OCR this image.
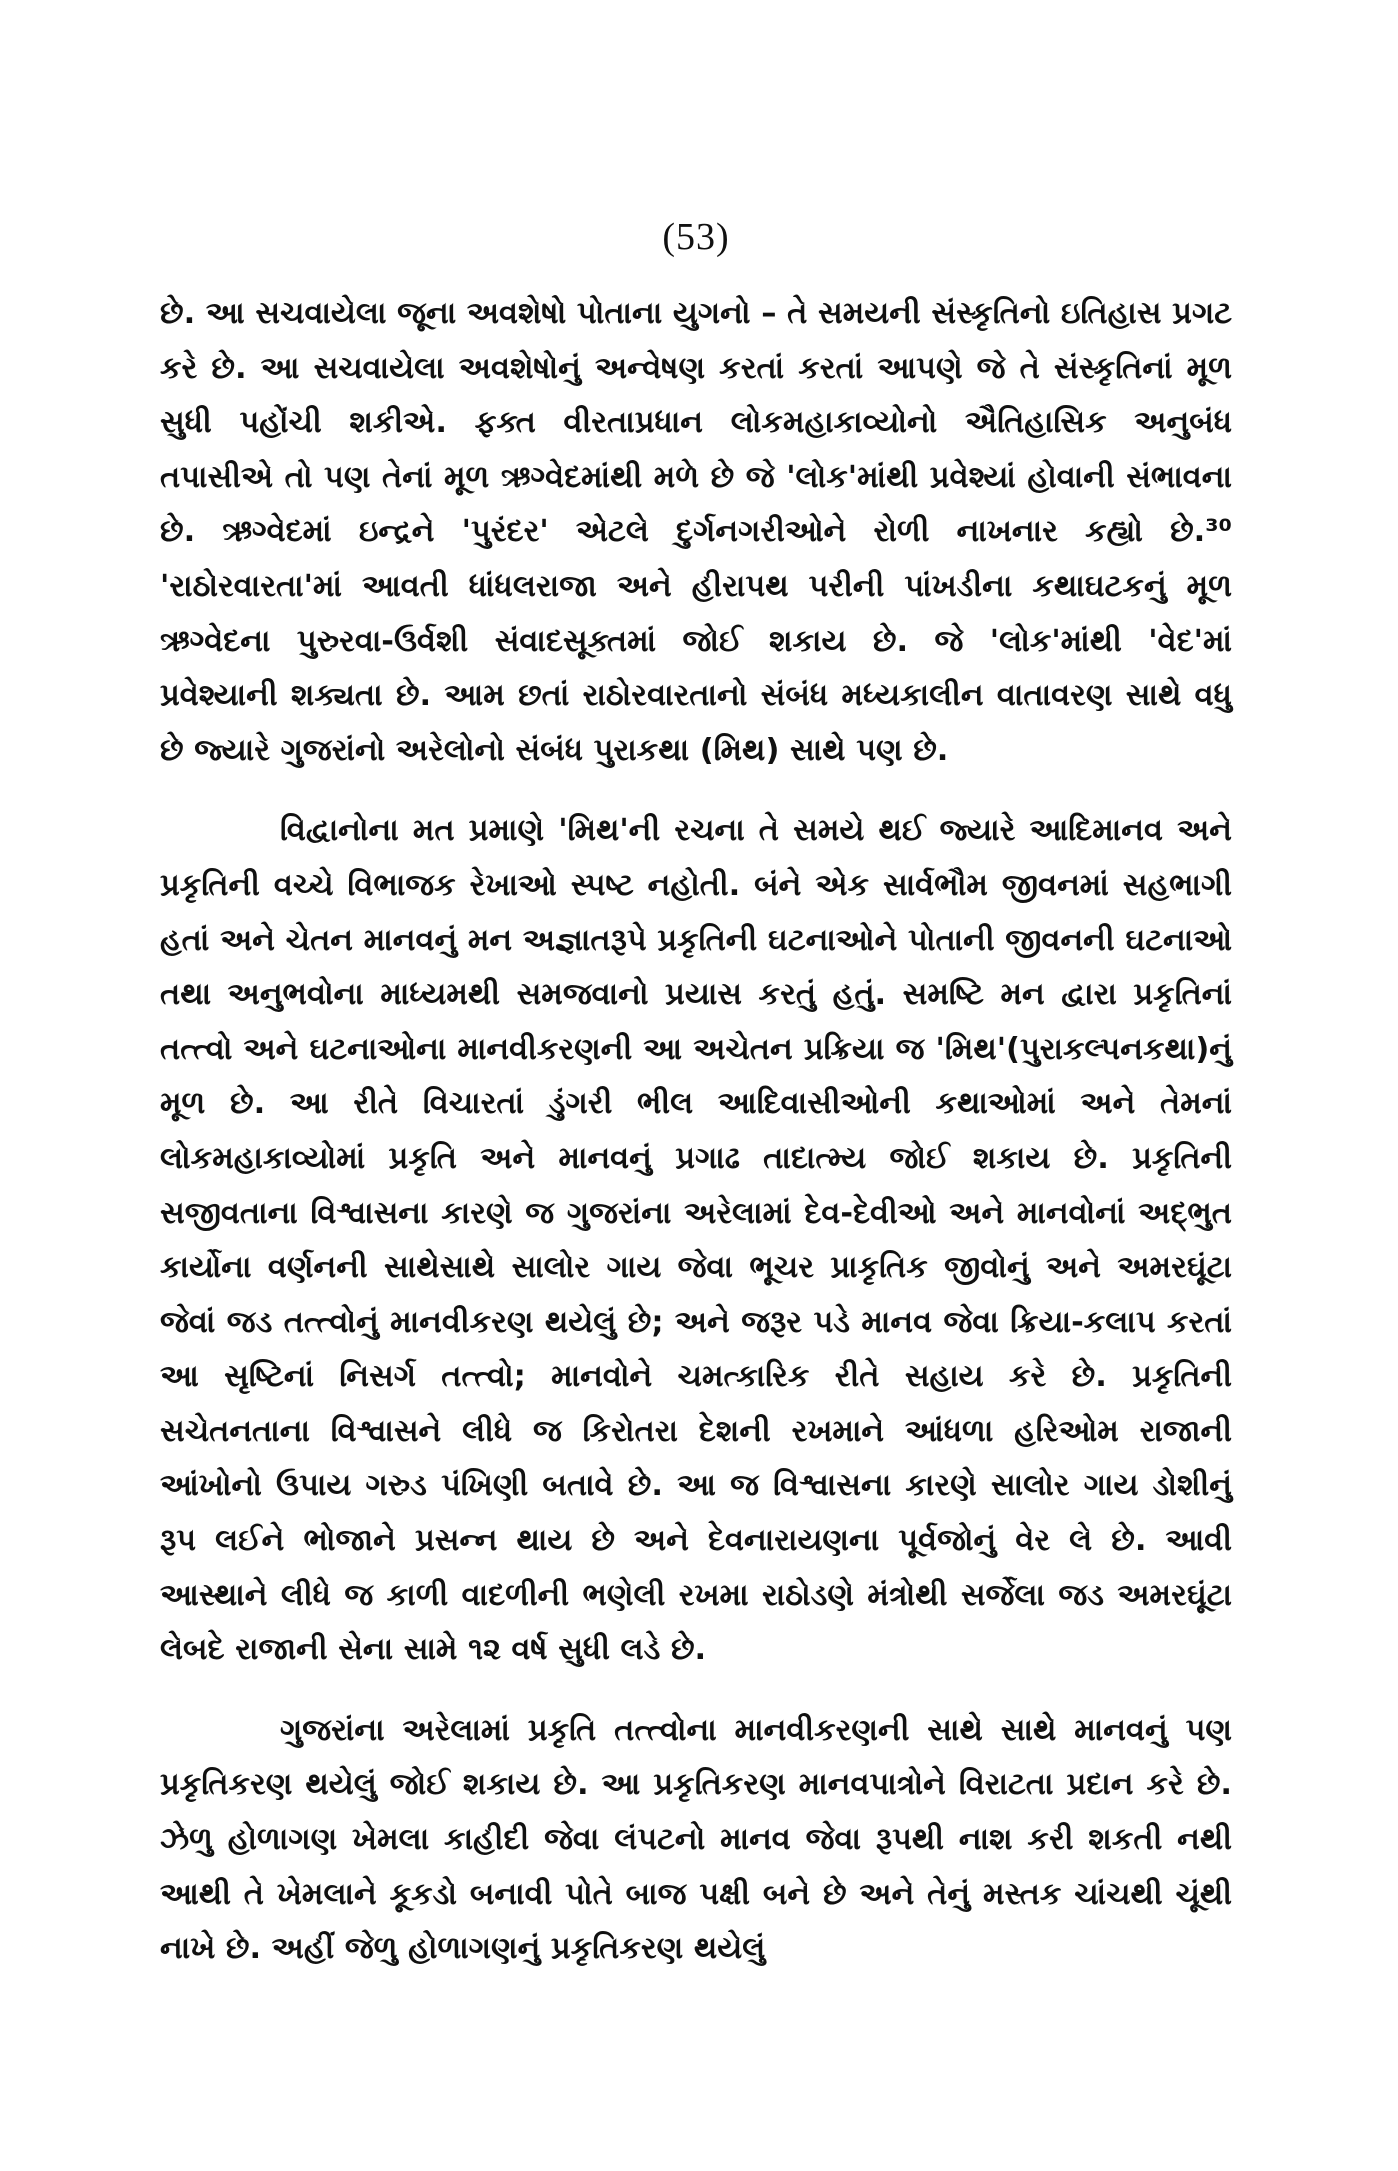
(53)

છે. આ સચવાયેલા જૂના અવશેષો પોતાના યુગનો – તે સમયની સંસ્કૃતિનો ઇતિહાસ પ્રગટ કરે છે. આ સચવાયેલા અવશેષોનું અન્વેષણ કરતાં કરતાં આપણે જે તે સંસ્કૃતિનાં મૂળ સુધી પહોંચી શકીએ. ફક્ત વીરતાપ્રધાન લોકમહાકાવ્યોનો ઐતિહાસિક અનુબંધ તપાસીએ તો પણ તેનાં મૂળ ઋગ્વેદમાંથી મળે છે જે 'લોક'માંથી પ્રવેશ્યાં હોવાની સંભાવના છે. ઋગ્વેદમાં ઇન્દ્રને 'પુરંદર' એટલે દુર્ગનગરીઓને રોળી નાખનાર કહ્યો છે.³⁰ 'રાઠોરવારતા'માં આવતી ધાંધલરાજા અને હીરાપથ પરીની પાંખડીના કથાઘટકનું મૂળ ઋગ્વેદના પુરુરવા-ઉર્વશી સંવાદસૂક્તમાં જોઈ શકાય છે. જે 'લોક'માંથી 'વેદ'માં પ્રવેશ્યાની શક્યતા છે. આમ છતાં રાઠોરવારતાનો સંબંધ મધ્યકાલીન વાતાવરણ સાથે વધુ છે જ્યારે ગુજરાંનો અરેલોનો સંબંધ પુરાકથા (મિથ) સાથે પણ છે.

વિદ્વાનોના મત પ્રમાણે 'મિથ'ની રચના તે સમયે થઈ જ્યારે આદિમાનવ અને પ્રકૃતિની વચ્ચે વિભાજક રેખાઓ સ્પષ્ટ નહોતી. બંને એક સાર્વભૌમ જીવનમાં સહભાગી હતાં અને ચેતન માનવનું મન અજ્ઞાતરૂપે પ્રકૃતિની ઘટનાઓને પોતાની જીવનની ઘટનાઓ તથા અનુભવોના માધ્યમથી સમજવાનો પ્રયાસ કરતું હતું. સમષ્ટિ મન દ્વારા પ્રકૃતિનાં તત્ત્વો અને ઘટનાઓના માનવીકરણની આ અચેતન પ્રક્રિયા જ 'મિથ'(પુરાકલ્પનકથા)નું મૂળ છે. આ રીતે વિચારતાં ડુંગરી ભીલ આદિવાસીઓની કથાઓમાં અને તેમનાં લોકમહાકાવ્યોમાં પ્રકૃતિ અને માનવનું પ્રગાઢ તાદાત્મ્ય જોઈ શકાય છે. પ્રકૃતિની સજીવતાના વિશ્વાસના કારણે જ ગુજરાંના અરેલામાં દેવ-દેવીઓ અને માનવોનાં અદ્ભુત કાર્યોના વર્ણનની સાથેસાથે સાલોર ગાય જેવા ભૂચર પ્રાકૃતિક જીવોનું અને અમરઘૂંટા જેવાં જડ તત્ત્વોનું માનવીકરણ થયેલું છે; અને જરૂર પડે માનવ જેવા ક્રિયા-કલાપ કરતાં આ સૃષ્ટિનાં નિસર્ગ તત્ત્વો; માનવોને ચમત્કારિક રીતે સહાય કરે છે. પ્રકૃતિની સચેતનતાના વિશ્વાસને લીધે જ કિરોતરા દેશની રખમાને આંધળા હરિઓમ રાજાની આંખોનો ઉપાય ગરુડ પંખિણી બતાવે છે. આ જ વિશ્વાસના કારણે સાલોર ગાય ડોશીનું રૂપ લઈને ભોજાને પ્રસન્ન થાય છે અને દેવનારાયણના પૂર્વજોનું વેર લે છે. આવી આસ્થાને લીધે જ કાળી વાદળીની ભણેલી રખમા રાઠોડણે મંત્રોથી સર્જેલા જડ અમરઘૂંટા લેબદે રાજાની સેના સામે ૧૨ વર્ષ સુધી લડે છે.

ગુજરાંના અરેલામાં પ્રકૃતિ તત્ત્વોના માનવીકરણની સાથે સાથે માનવનું પણ પ્રકૃતિકરણ થયેલું જોઈ શકાય છે. આ પ્રકૃતિકરણ માનવપાત્રોને વિરાટતા પ્રદાન કરે છે. ઝેળુ હોળાગણ ખેમલા કાહીદી જેવા લંપટનો માનવ જેવા રૂપથી નાશ કરી શકતી નથી આથી તે ખેમલાને કૂકડો બનાવી પોતે બાજ પક્ષી બને છે અને તેનું મસ્તક ચાંચથી ચૂંથી નાખે છે. અહીં જેળુ હોળાગણનું પ્રકૃતિકરણ થયેલું
